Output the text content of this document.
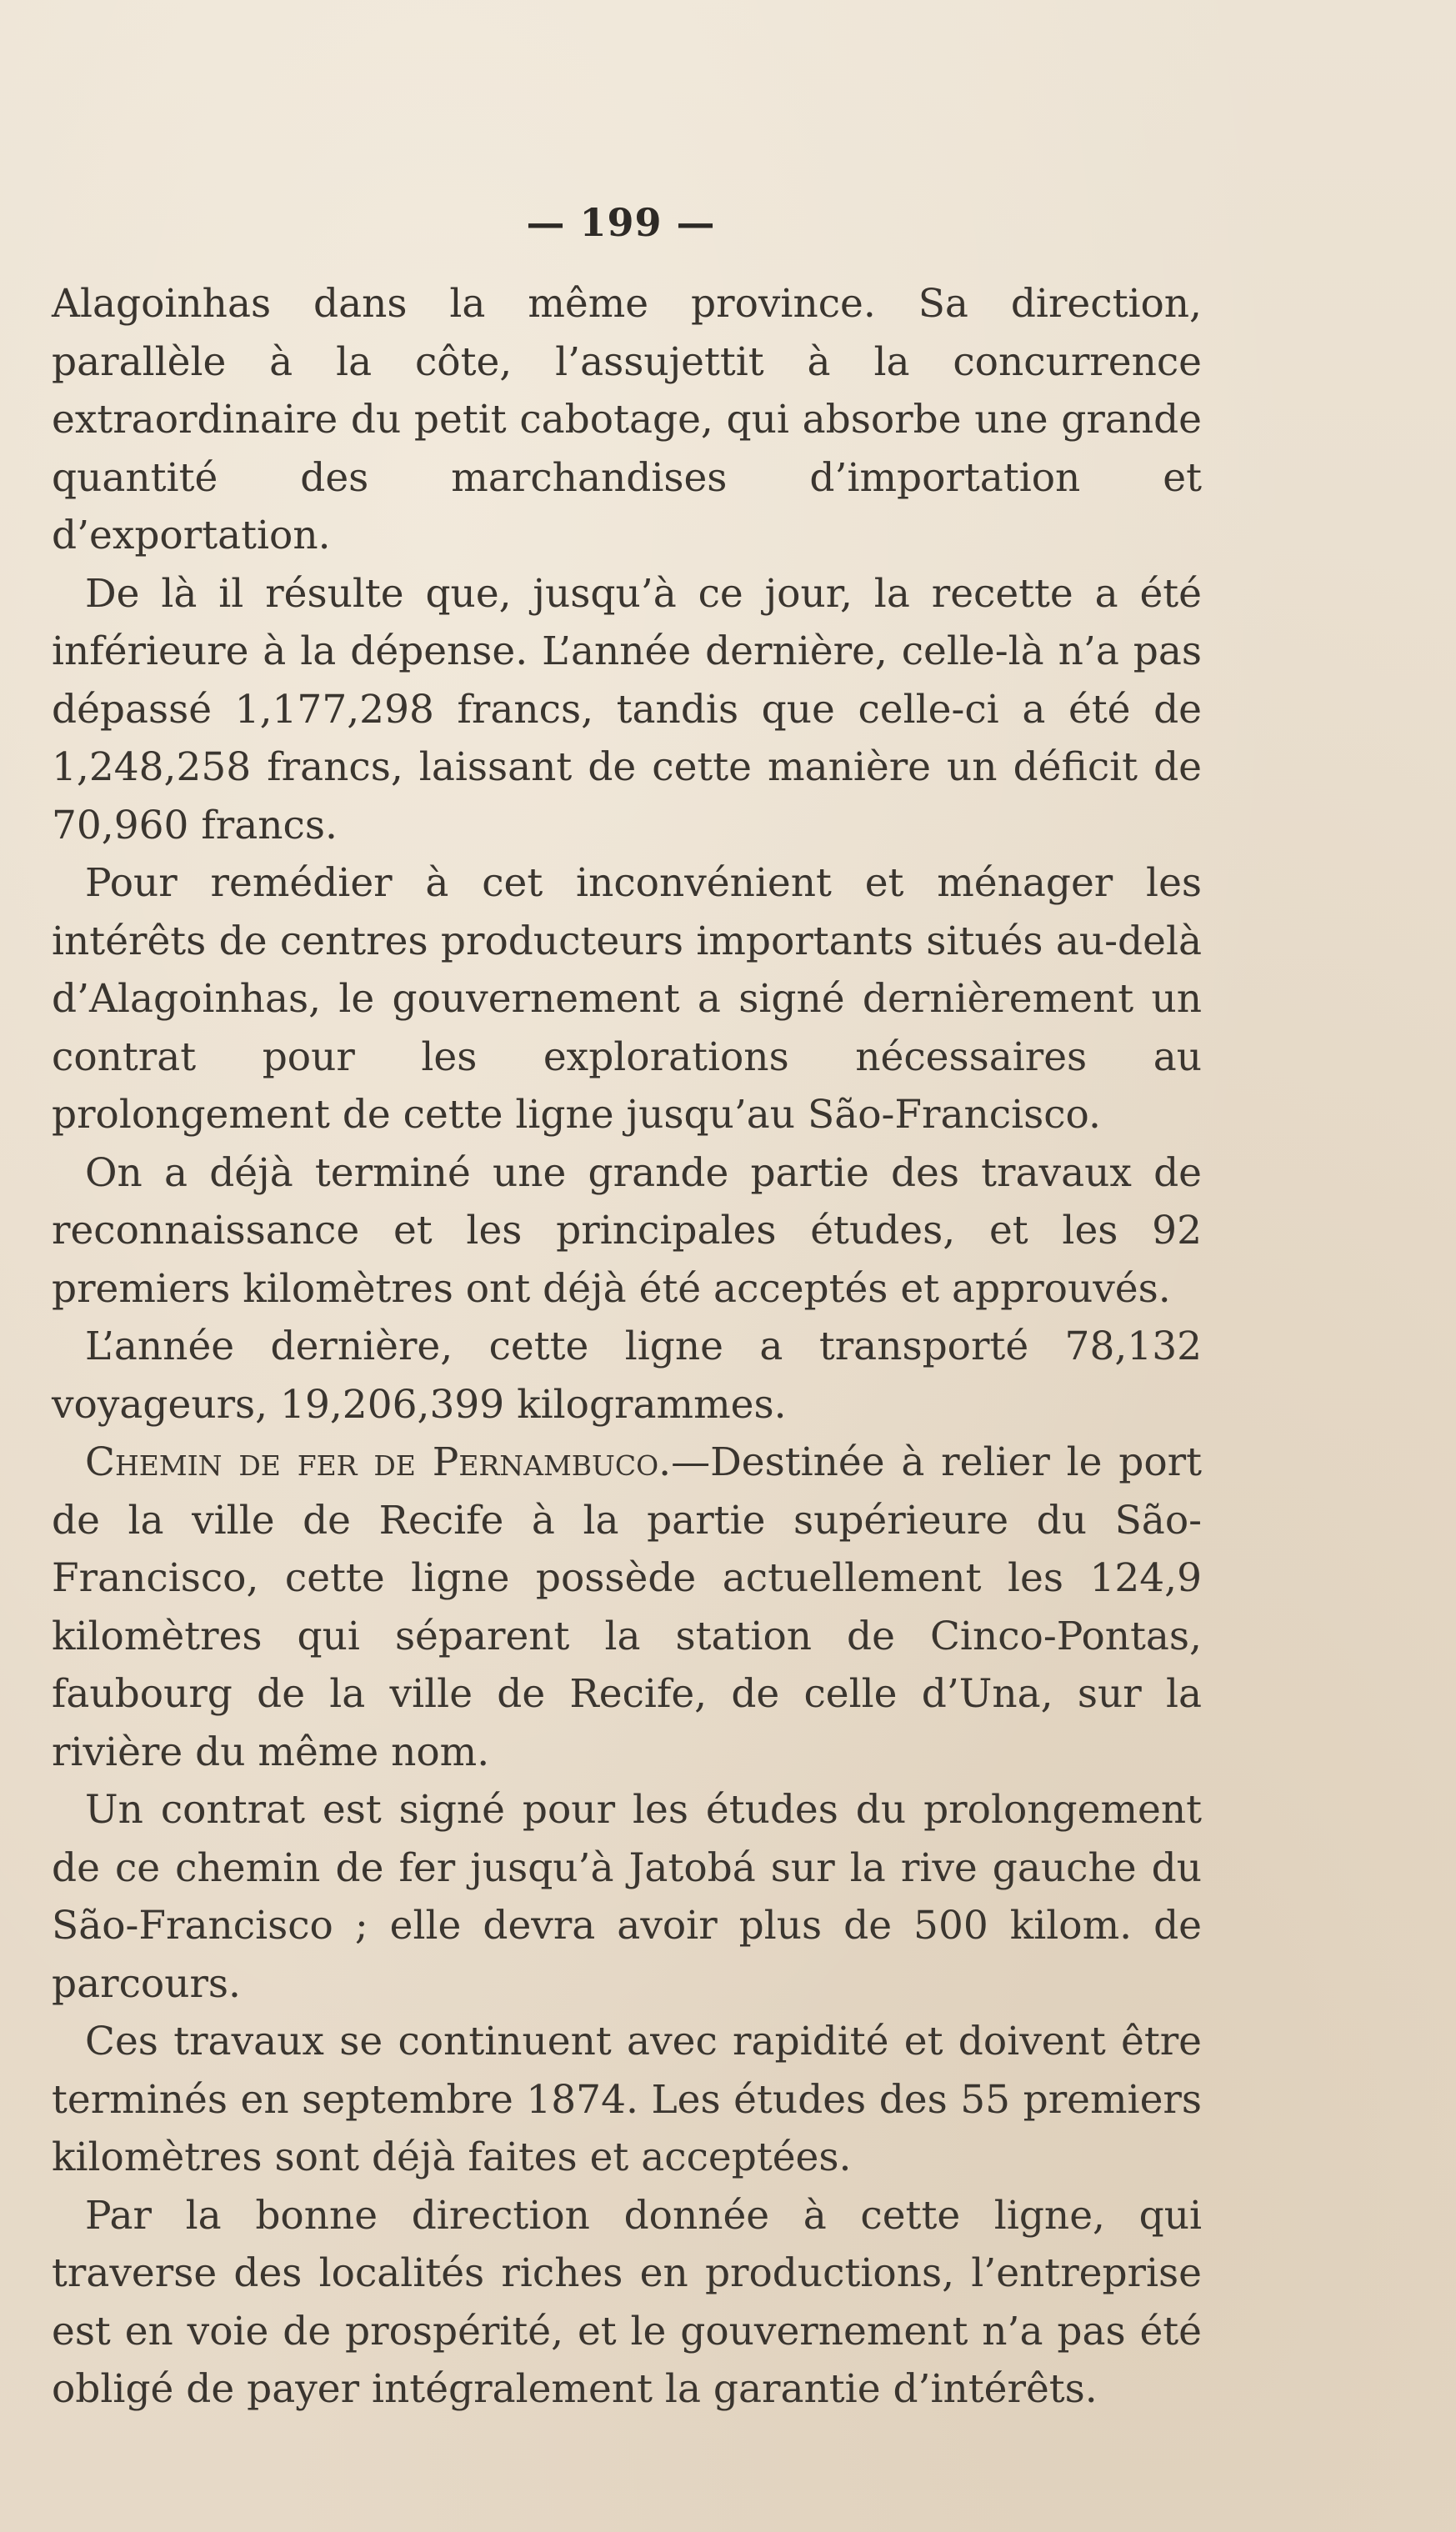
— 199 —

Alagoinhas dans la même province. Sa direction, parallèle à la côte, l’assujettit à la concurrence extraordinaire du petit cabotage, qui absorbe une grande quantité des marchandises d’importation et d’exportation.

De là il résulte que, jusqu’à ce jour, la recette a été inférieure à la dépense. L’année dernière, celle-là n’a pas dépassé 1,177,298 francs, tandis que celle-ci a été de 1,248,258 francs, laissant de cette manière un déficit de 70,960 francs.

Pour remédier à cet inconvénient et ménager les intérêts de centres producteurs importants situés au-delà d’Alagoinhas, le gouvernement a signé dernièrement un contrat pour les explorations nécessaires au prolongement de cette ligne jusqu’au São-Francisco.

On a déjà terminé une grande partie des travaux de reconnaissance et les principales études, et les 92 premiers kilomètres ont déjà été acceptés et approuvés.

L’année dernière, cette ligne a transporté 78,132 voyageurs, 19,206,399 kilogrammes.

Chemin de fer de Pernambuco.—Destinée à relier le port de la ville de Recife à la partie supérieure du São-Francisco, cette ligne possède actuellement les 124,9 kilomètres qui séparent la station de Cinco-Pontas, faubourg de la ville de Recife, de celle d’Una, sur la rivière du même nom.

Un contrat est signé pour les études du prolongement de ce chemin de fer jusqu’à Jatobá sur la rive gauche du São-Francisco ; elle devra avoir plus de 500 kilom. de parcours.

Ces travaux se continuent avec rapidité et doivent être terminés en septembre 1874. Les études des 55 premiers kilomètres sont déjà faites et acceptées.

Par la bonne direction donnée à cette ligne, qui traverse des localités riches en productions, l’entreprise est en voie de prospérité, et le gouvernement n’a pas été obligé de payer intégralement la garantie d’intérêts.
